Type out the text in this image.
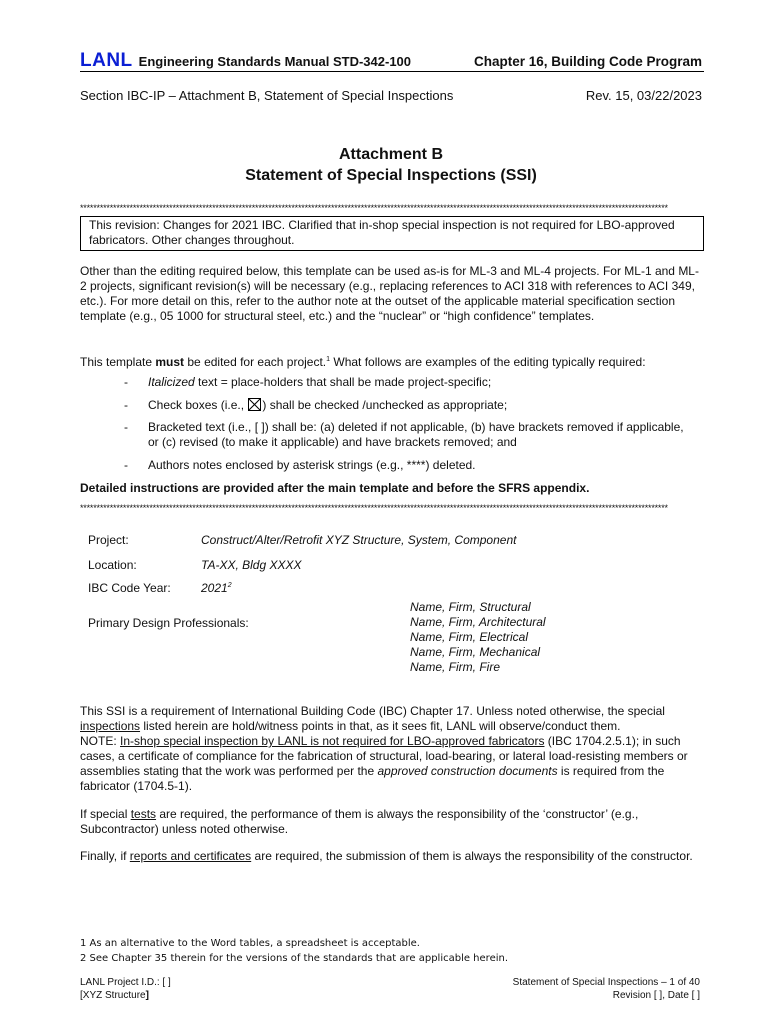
LANL Engineering Standards Manual STD-342-100	Chapter 16, Building Code Program
Section IBC-IP – Attachment B, Statement of Special Inspections	Rev. 15, 03/22/2023
Attachment B
Statement of Special Inspections (SSI)
**********************************************************************************************************************************************************************************
This revision: Changes for 2021 IBC. Clarified that in-shop special inspection is not required for LBO-approved fabricators. Other changes throughout.
Other than the editing required below, this template can be used as-is for ML-3 and ML-4 projects. For ML-1 and ML-2 projects, significant revision(s) will be necessary (e.g., replacing references to ACI 318 with references to ACI 349, etc.). For more detail on this, refer to the author note at the outset of the applicable material specification section template (e.g., 05 1000 for structural steel, etc.) and the “nuclear” or “high confidence” templates.
This template must be edited for each project.$^1$ What follows are examples of the editing typically required:
- Italicized text = place-holders that shall be made project-specific;
- Check boxes (i.e., ) shall be checked /unchecked as appropriate;
- Bracketed text (i.e., [ ]) shall be: (a) deleted if not applicable, (b) have brackets removed if applicable, or (c) revised (to make it applicable) and have brackets removed; and
- Authors notes enclosed by asterisk strings (e.g., ****) deleted.
Detailed instructions are provided after the main template and before the SFRS appendix.
**********************************************************************************************************************************************************************************
Project:	Construct/Alter/Retrofit XYZ Structure, System, Component
Location:	TA-XX, Bldg XXXX
IBC Code Year:	2021$^2$
Primary Design Professionals:
Name, Firm, Structural
Name, Firm, Architectural
Name, Firm, Electrical
Name, Firm, Mechanical
Name, Firm, Fire
This SSI is a requirement of International Building Code (IBC) Chapter 17. Unless noted otherwise, the special inspections listed herein are hold/witness points in that, as it sees fit, LANL will observe/conduct them.
NOTE: In-shop special inspection by LANL is not required for LBO-approved fabricators (IBC 1704.2.5.1); in such cases, a certificate of compliance for the fabrication of structural, load-bearing, or lateral load-resisting members or assemblies stating that the work was performed per the approved construction documents is required from the fabricator (1704.5-1).
If special tests are required, the performance of them is always the responsibility of the ‘constructor’ (e.g., Subcontractor) unless noted otherwise.
Finally, if reports and certificates are required, the submission of them is always the responsibility of the constructor.
1 As an alternative to the Word tables, a spreadsheet is acceptable.
2 See Chapter 35 therein for the versions of the standards that are applicable herein.
LANL Project I.D.: [ ]
[XYZ Structure]
Statement of Special Inspections – 1 of 40
Revision [ ], Date [ ]
